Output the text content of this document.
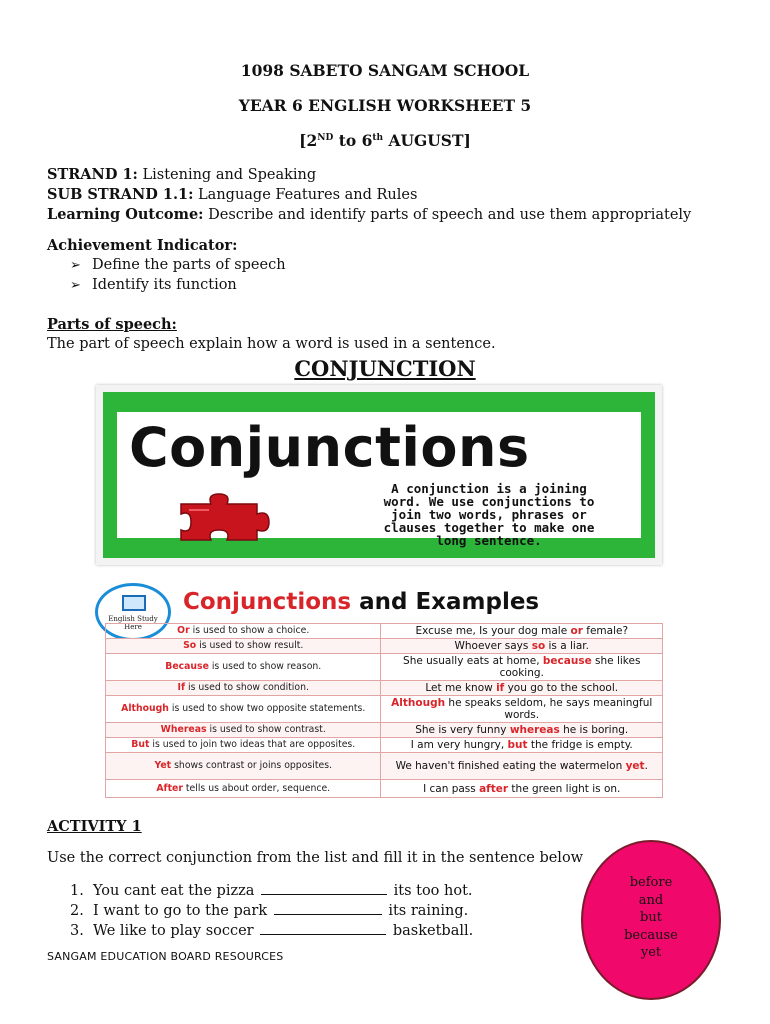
1098 SABETO SANGAM SCHOOL
YEAR 6 ENGLISH WORKSHEET 5
[2ND to 6th AUGUST]
STRAND 1: Listening and Speaking
SUB STRAND 1.1: Language Features and Rules
Learning Outcome: Describe and identify parts of speech and use them appropriately
Achievement Indicator:
➢ Define the parts of speech
➢ Identify its function
Parts of speech:
The part of speech explain how a word is used in a sentence.
CONJUNCTION
Conjunctions
A conjunction is a joining
word. We use conjunctions to
join two words, phrases or
clauses together to make one
long sentence.
English Study
Here
Conjunctions and Examples
Or is used to show a choice.	Excuse me, Is your dog male or female?
So is used to show result.	Whoever says so is a liar.
Because is used to show reason.	She usually eats at home, because she likes cooking.
If is used to show condition.	Let me know if you go to the school.
Although is used to show two opposite statements.	Although he speaks seldom, he says meaningful words.
Whereas is used to show contrast.	She is very funny whereas he is boring.
But is used to join two ideas that are opposites.	I am very hungry, but the fridge is empty.
Yet shows contrast or joins opposites.	We haven't finished eating the watermelon yet.
After tells us about order, sequence.	I can pass after the green light is on.
ACTIVITY 1
Use the correct conjunction from the list and fill it in the sentence below
1. You cant eat the pizza	its too hot.
2. I want to go to the park	its raining.
3. We like to play soccer	basketball.
SANGAM EDUCATION BOARD RESOURCES
before
and
but
because
yet
